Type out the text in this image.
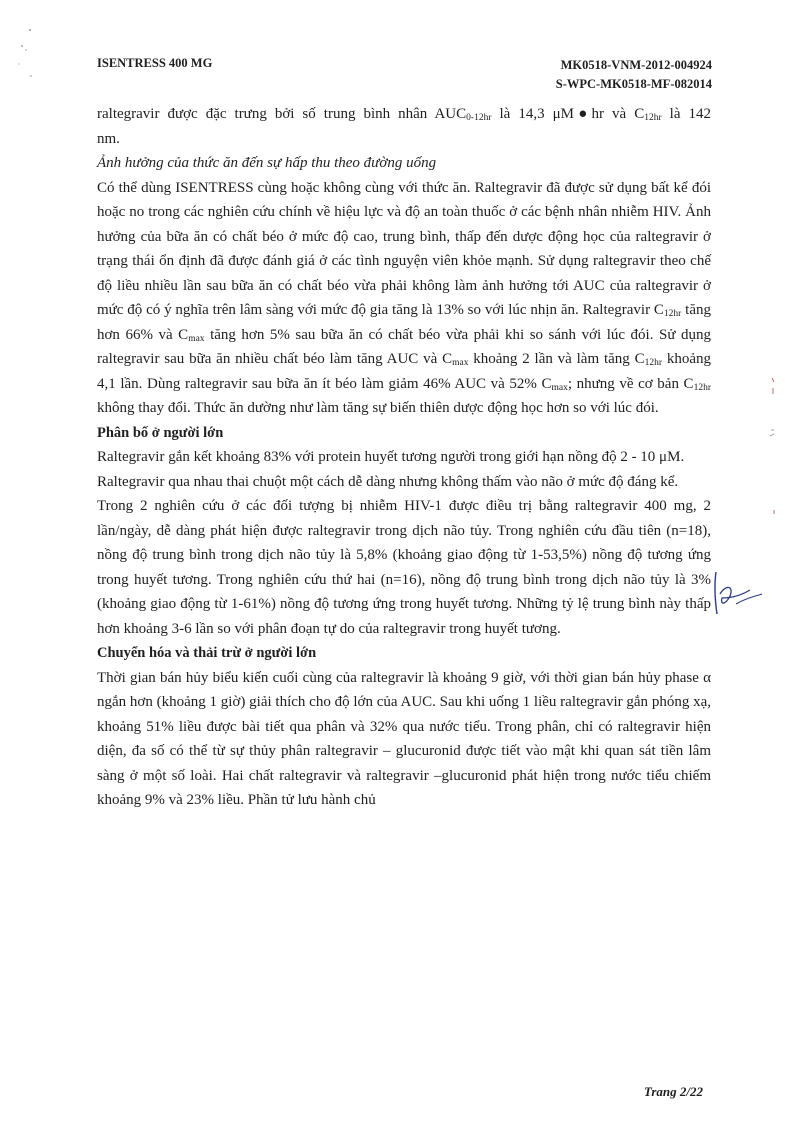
ISENTRESS 400 MG	MK0518-VNM-2012-004924
S-WPC-MK0518-MF-082014

raltegravir được đặc trưng bởi số trung bình nhân $AUC_{0-12hr}$ là 14,3 μM●hr và $C_{12hr}$ là 142
nm.

Ảnh hưởng của thức ăn đến sự hấp thu theo đường uống

Có thể dùng ISENTRESS cùng hoặc không cùng với thức ăn. Raltegravir đã được sử dụng bất kể đói hoặc no trong các nghiên cứu chính về hiệu lực và độ an toàn thuốc ở các bệnh nhân nhiễm HIV. Ảnh hưởng của bữa ăn có chất béo ở mức độ cao, trung bình, thấp đến dược động học của raltegravir ở trạng thái ổn định đã được đánh giá ở các tình nguyện viên khỏe mạnh. Sử dụng raltegravir theo chế độ liều nhiều lần sau bữa ăn có chất béo vừa phải không làm ảnh hưởng tới AUC của raltegravir ở mức độ có ý nghĩa trên lâm sàng với mức độ gia tăng là 13% so với lúc nhịn ăn. Raltegravir $C_{12hr}$ tăng hơn 66% và $C_{max}$ tăng hơn 5% sau bữa ăn có chất béo vừa phải khi so sánh với lúc đói. Sử dụng raltegravir sau bữa ăn nhiều chất béo làm tăng AUC và $C_{max}$ khoảng 2 lần và làm tăng $C_{12hr}$ khoảng 4,1 lần. Dùng raltegravir sau bữa ăn ít béo làm giảm 46% AUC và 52% $C_{max}$; nhưng về cơ bản $C_{12hr}$ không thay đổi. Thức ăn dường như làm tăng sự biến thiên dược động học hơn so với lúc đói.

Phân bố ở người lớn

Raltegravir gắn kết khoảng 83% với protein huyết tương người trong giới hạn nồng độ 2 - 10 μM.

Raltegravir qua nhau thai chuột một cách dễ dàng nhưng không thấm vào não ở mức độ đáng kể.

Trong 2 nghiên cứu ở các đối tượng bị nhiễm HIV-1 được điều trị bằng raltegravir 400 mg, 2 lần/ngày, dễ dàng phát hiện được raltegravir trong dịch não tủy. Trong nghiên cứu đầu tiên (n=18), nồng độ trung bình trong dịch não tủy là 5,8% (khoảng giao động từ 1-53,5%) nồng độ tương ứng trong huyết tương. Trong nghiên cứu thứ hai (n=16), nồng độ trung bình trong dịch não tủy là 3% (khoảng giao động từ 1-61%) nồng độ tương ứng trong huyết tương. Những tỷ lệ trung bình này thấp hơn khoảng 3-6 lần so với phân đoạn tự do của raltegravir trong huyết tương.

Chuyển hóa và thải trừ ở người lớn

Thời gian bán hủy biểu kiến cuối cùng của raltegravir là khoảng 9 giờ, với thời gian bán hủy phase α ngắn hơn (khoảng 1 giờ) giải thích cho độ lớn của AUC. Sau khi uống 1 liều raltegravir gắn phóng xạ, khoảng 51% liều được bài tiết qua phân và 32% qua nước tiểu. Trong phân, chỉ có raltegravir hiện diện, đa số có thể từ sự thủy phân raltegravir – glucuronid được tiết vào mật khi quan sát tiền lâm sàng ở một số loài. Hai chất raltegravir và raltegravir –glucuronid phát hiện trong nước tiểu chiếm khoảng 9% và 23% liều. Phần tử lưu hành chủ

Trang 2/22
